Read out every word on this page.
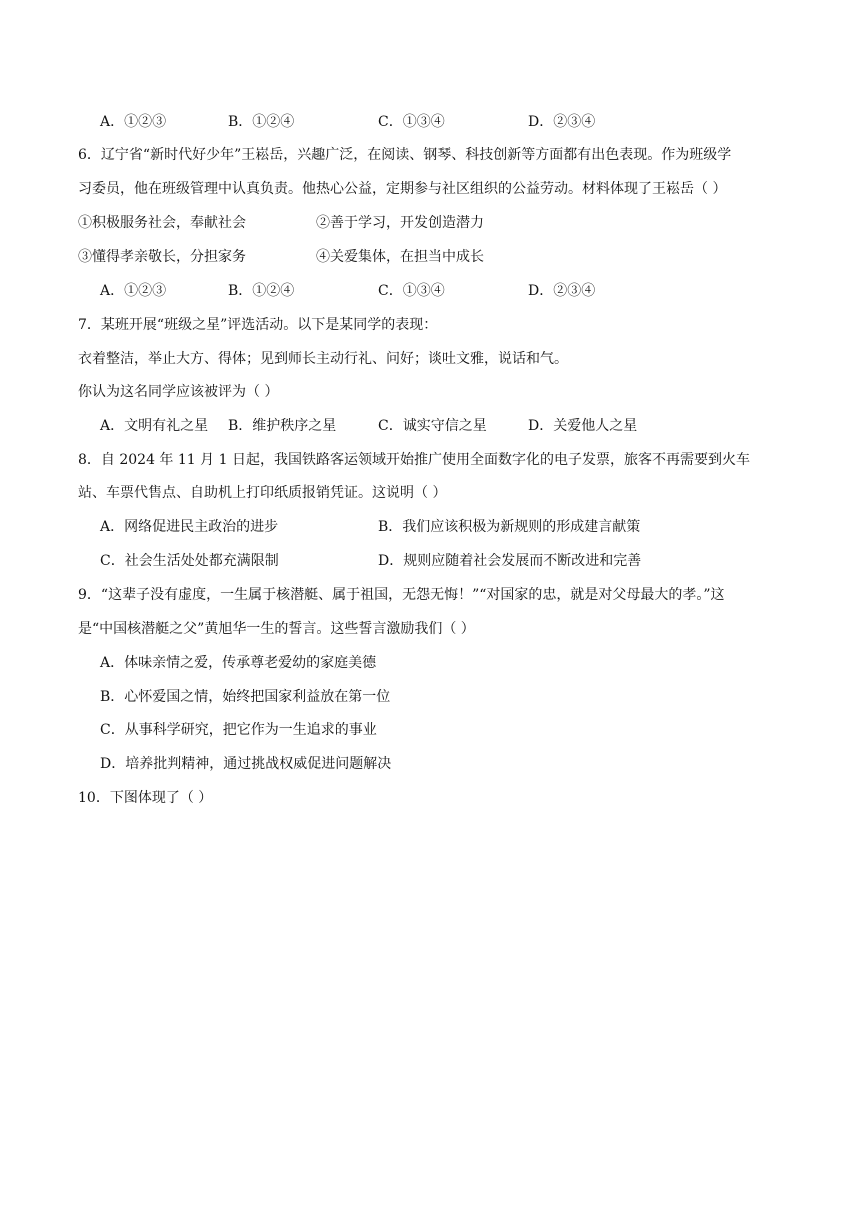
A．①②③	B．①②④	C．①③④	D．②③④
6．辽宁省“新时代好少年”王崧岳，兴趣广泛，在阅读、钢琴、科技创新等方面都有出色表现。作为班级学
习委员，他在班级管理中认真负责。他热心公益，定期参与社区组织的公益劳动。材料体现了王崧岳（ ）
①积极服务社会，奉献社会	②善于学习，开发创造潜力
③懂得孝亲敬长，分担家务	④关爱集体，在担当中成长
A．①②③	B．①②④	C．①③④	D．②③④
7．某班开展“班级之星”评选活动。以下是某同学的表现：
衣着整洁，举止大方、得体；见到师长主动行礼、问好；谈吐文雅，说话和气。
你认为这名同学应该被评为（ ）
A．文明有礼之星 B．维护秩序之星	C．诚实守信之星	D．关爱他人之星
8．自 2024 年 11 月 1 日起，我国铁路客运领域开始推广使用全面数字化的电子发票，旅客不再需要到火车
站、车票代售点、自助机上打印纸质报销凭证。这说明（ ）
A．网络促进民主政治的进步	B．我们应该积极为新规则的形成建言献策
C．社会生活处处都充满限制	D．规则应随着社会发展而不断改进和完善
9．“这辈子没有虚度，一生属于核潜艇、属于祖国，无怨无悔！”“对国家的忠，就是对父母最大的孝。”这
是“中国核潜艇之父”黄旭华一生的誓言。这些誓言激励我们（ ）
A．体味亲情之爱，传承尊老爱幼的家庭美德
B．心怀爱国之情，始终把国家利益放在第一位
C．从事科学研究，把它作为一生追求的事业
D．培养批判精神，通过挑战权威促进问题解决
10．下图体现了（ ）
